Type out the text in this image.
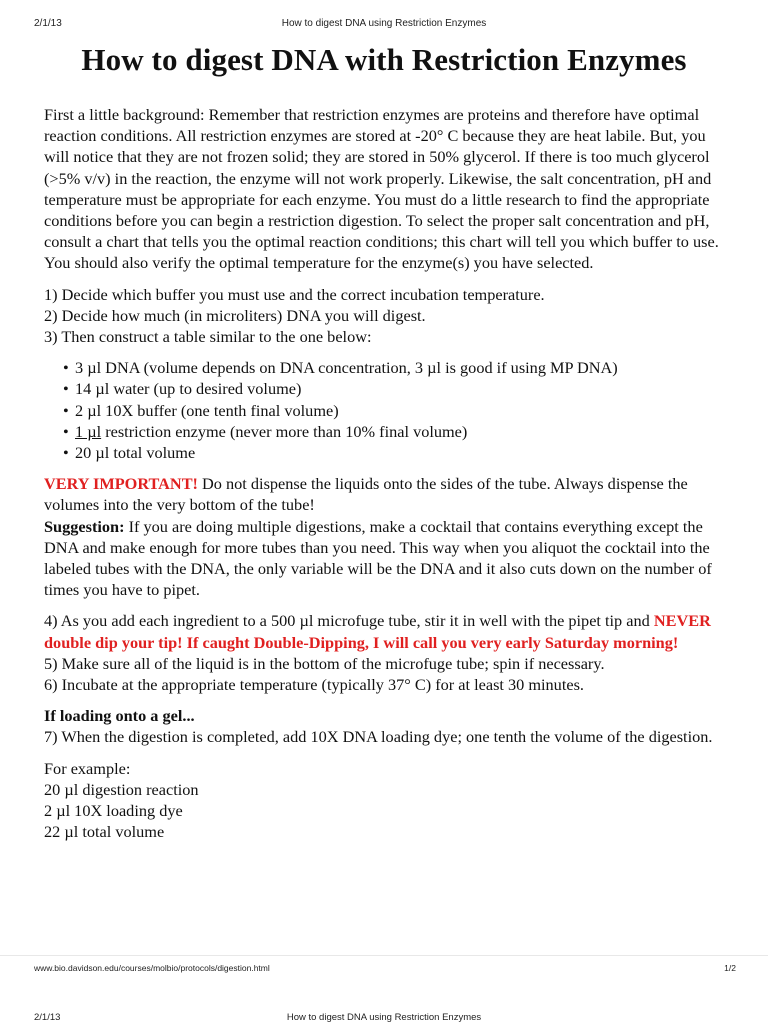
2/1/13	How to digest DNA using Restriction Enzymes
How to digest DNA with Restriction Enzymes

First a little background: Remember that restriction enzymes are proteins and therefore have optimal reaction conditions. All restriction enzymes are stored at -20° C because they are heat labile. But, you will notice that they are not frozen solid; they are stored in 50% glycerol. If there is too much glycerol (>5% v/v) in the reaction, the enzyme will not work properly. Likewise, the salt concentration, pH and temperature must be appropriate for each enzyme. You must do a little research to find the appropriate conditions before you can begin a restriction digestion. To select the proper salt concentration and pH, consult a chart that tells you the optimal reaction conditions; this chart will tell you which buffer to use. You should also verify the optimal temperature for the enzyme(s) you have selected.

1) Decide which buffer you must use and the correct incubation temperature.

2) Decide how much (in microliters) DNA you will digest.

3) Then construct a table similar to the one below:

• 3 µl DNA (volume depends on DNA concentration, 3 µl is good if using MP DNA)
• 14 µl water (up to desired volume)
• 2 µl 10X buffer (one tenth final volume)
• 1 µl restriction enzyme (never more than 10% final volume)
• 20 µl total volume

VERY IMPORTANT! Do not dispense the liquids onto the sides of the tube. Always dispense the volumes into the very bottom of the tube!

Suggestion: If you are doing multiple digestions, make a cocktail that contains everything except the DNA and make enough for more tubes than you need. This way when you aliquot the cocktail into the labeled tubes with the DNA, the only variable will be the DNA and it also cuts down on the number of times you have to pipet.

4) As you add each ingredient to a 500 µl microfuge tube, stir it in well with the pipet tip and NEVER double dip your tip! If caught Double-Dipping, I will call you very early Saturday morning!

5) Make sure all of the liquid is in the bottom of the microfuge tube; spin if necessary.

6) Incubate at the appropriate temperature (typically 37° C) for at least 30 minutes.

If loading onto a gel...

7) When the digestion is completed, add 10X DNA loading dye; one tenth the volume of the digestion.

For example:

20 µl digestion reaction

2 µl 10X loading dye

22 µl total volume

www.bio.davidson.edu/courses/molbio/protocols/digestion.html	1/2
2/1/13	How to digest DNA using Restriction Enzymes
